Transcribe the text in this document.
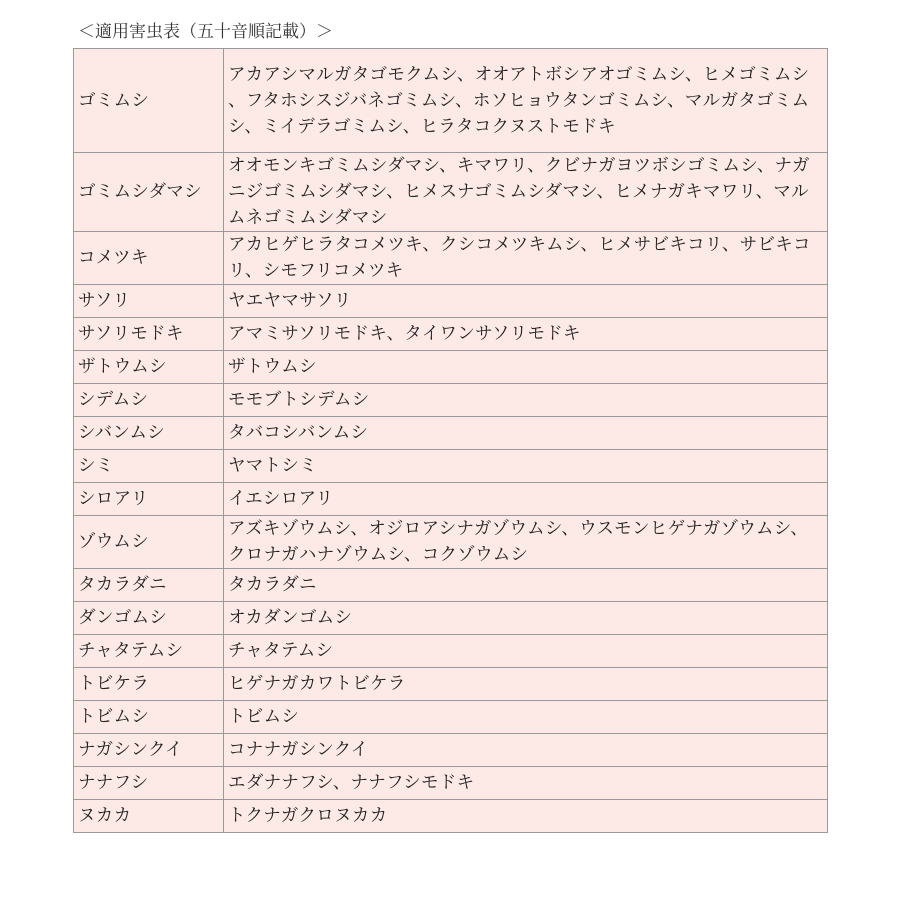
＜適用害虫表（五十音順記載）＞
ゴミムシ	アカアシマルガタゴモクムシ、オオアトボシアオゴミムシ、ヒメゴミムシ、フタホシスジバネゴミムシ、ホソヒョウタンゴミムシ、マルガタゴミムシ、ミイデラゴミムシ、ヒラタコクヌストモドキ
ゴミムシダマシ	オオモンキゴミムシダマシ、キマワリ、クビナガヨツボシゴミムシ、ナガニジゴミムシダマシ、ヒメスナゴミムシダマシ、ヒメナガキマワリ、マルムネゴミムシダマシ
コメツキ	アカヒゲヒラタコメツキ、クシコメツキムシ、ヒメサビキコリ、サビキコリ、シモフリコメツキ
サソリ	ヤエヤマサソリ
サソリモドキ	アマミサソリモドキ、タイワンサソリモドキ
ザトウムシ	ザトウムシ
シデムシ	モモブトシデムシ
シバンムシ	タバコシバンムシ
シミ	ヤマトシミ
シロアリ	イエシロアリ
ゾウムシ	アズキゾウムシ、オジロアシナガゾウムシ、ウスモンヒゲナガゾウムシ、クロナガハナゾウムシ、コクゾウムシ
タカラダニ	タカラダニ
ダンゴムシ	オカダンゴムシ
チャタテムシ	チャタテムシ
トビケラ	ヒゲナガカワトビケラ
トビムシ	トビムシ
ナガシンクイ	コナナガシンクイ
ナナフシ	エダナナフシ、ナナフシモドキ
ヌカカ	トクナガクロヌカカ
